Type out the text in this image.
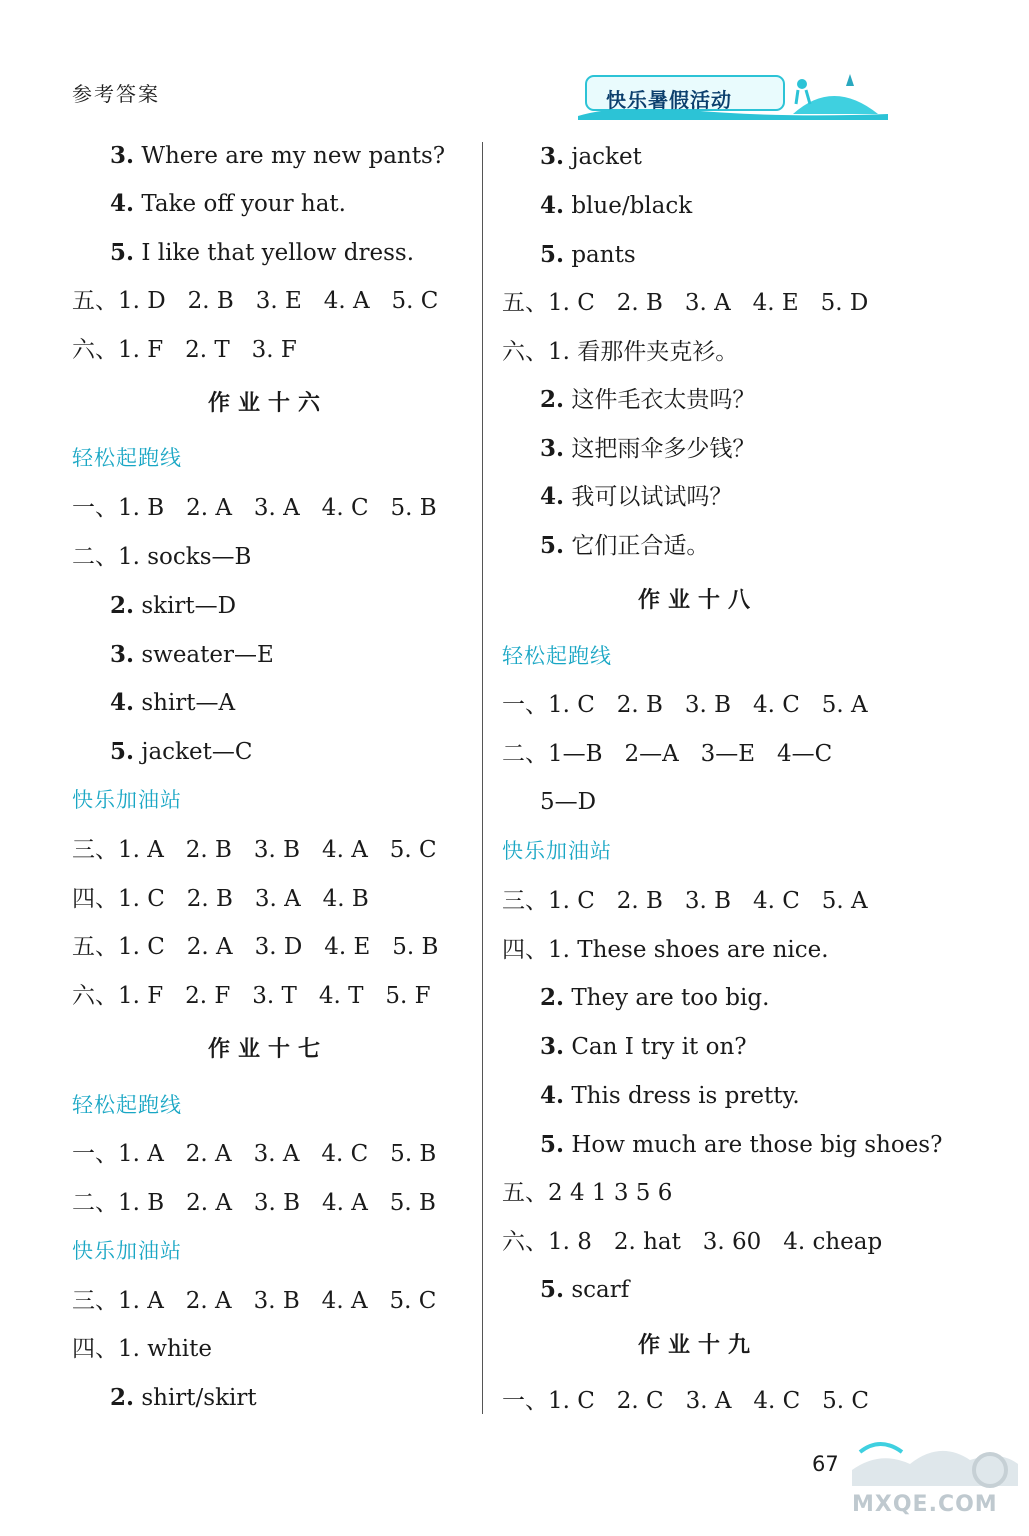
参考答案	快乐暑假活动
3. Where are my new pants?
4. Take off your hat.
5. I like that yellow dress.
五、1. D   2. B   3. E   4. A   5. C
六、1. F   2. T   3. F
作业十六
轻松起跑线
一、1. B   2. A   3. A   4. C   5. B
二、1. socks—B
2. skirt—D
3. sweater—E
4. shirt—A
5. jacket—C
快乐加油站
三、1. A   2. B   3. B   4. A   5. C
四、1. C   2. B   3. A   4. B
五、1. C   2. A   3. D   4. E   5. B
六、1. F   2. F   3. T   4. T   5. F
作业十七
轻松起跑线
一、1. A   2. A   3. A   4. C   5. B
二、1. B   2. A   3. B   4. A   5. B
快乐加油站
三、1. A   2. A   3. B   4. A   5. C
四、1. white
2. shirt/skirt
3. jacket
4. blue/black
5. pants
五、1. C   2. B   3. A   4. E   5. D
六、1. 看那件夹克衫。
2. 这件毛衣太贵吗？
3. 这把雨伞多少钱？
4. 我可以试试吗？
5. 它们正合适。
作业十八
轻松起跑线
一、1. C   2. B   3. B   4. C   5. A
二、1—B   2—A   3—E   4—C
5—D
快乐加油站
三、1. C   2. B   3. B   4. C   5. A
四、1. These shoes are nice.
2. They are too big.
3. Can I try it on?
4. This dress is pretty.
5. How much are those big shoes?
五、2 4 1 3 5 6
六、1. 8   2. hat   3. 60   4. cheap
5. scarf
作业十九
一、1. C   2. C   3. A   4. C   5. C
67
MXQE.COM
